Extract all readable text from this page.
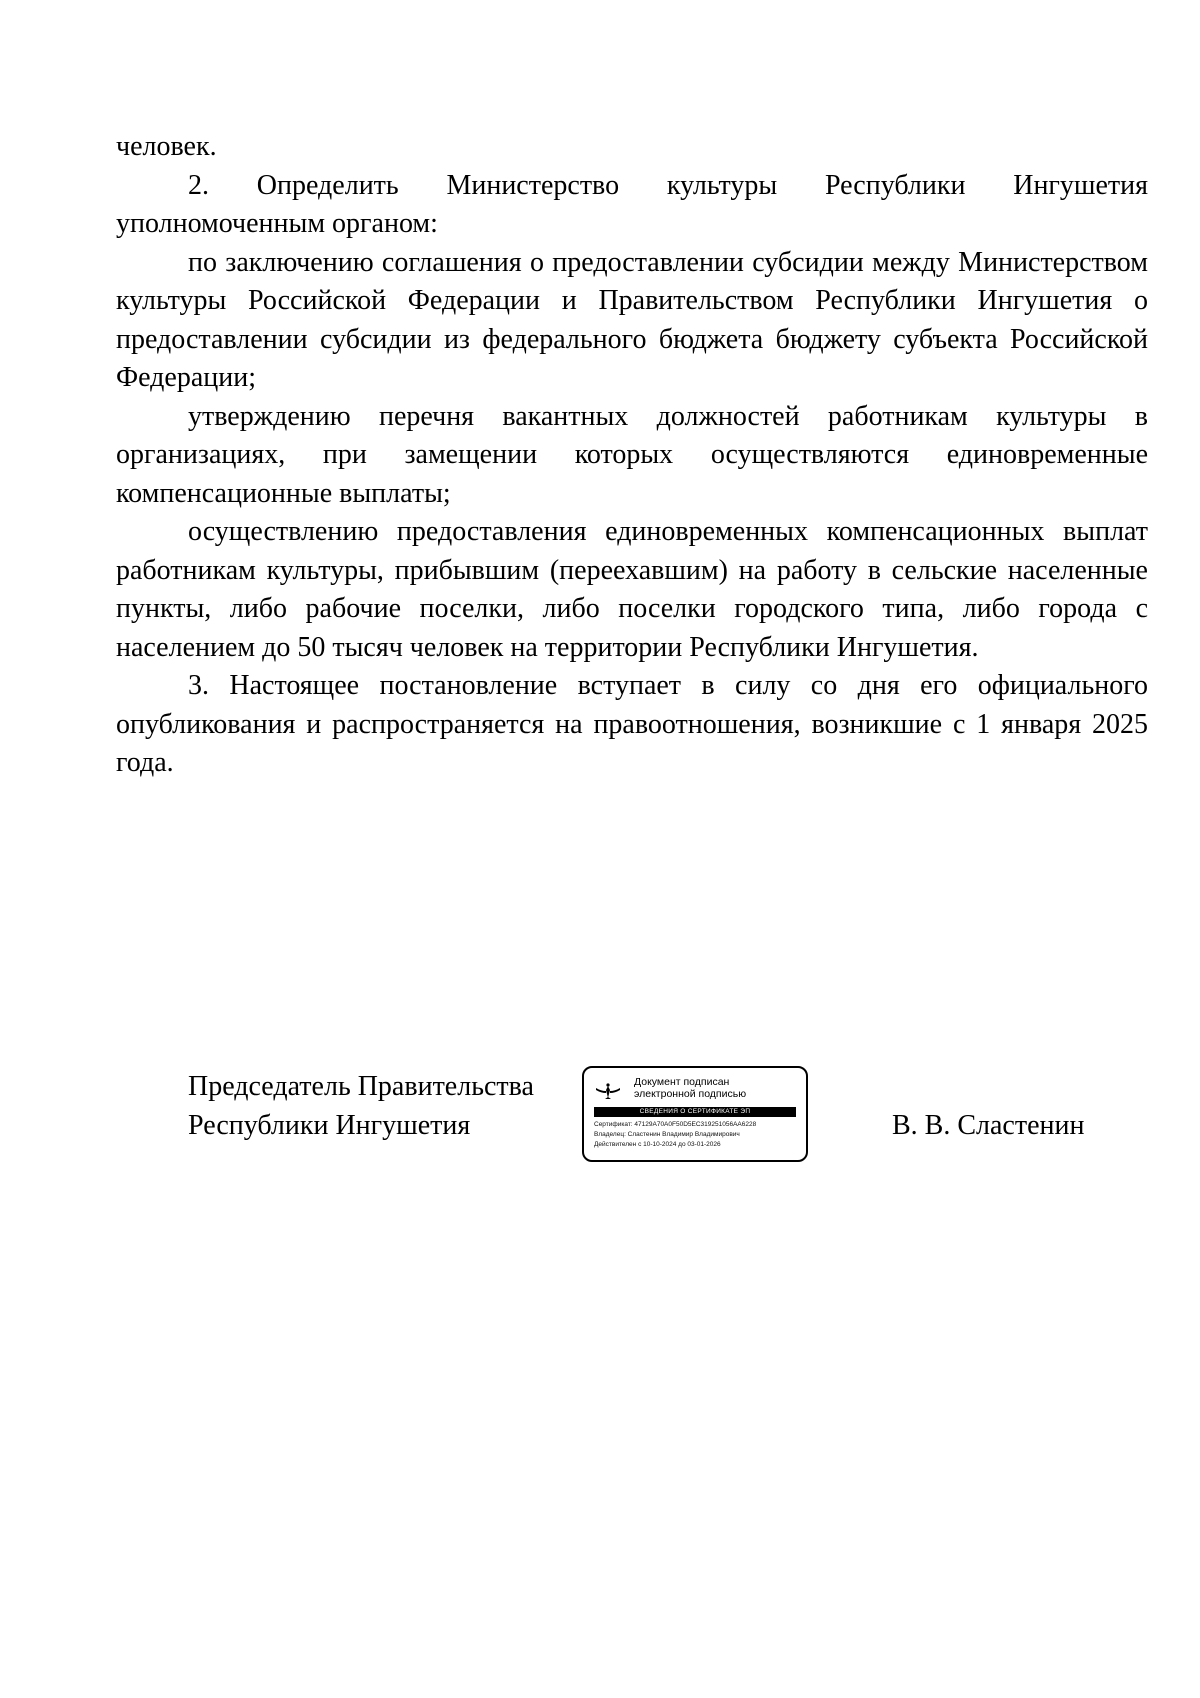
человек.

2. Определить Министерство культуры Республики Ингушетия уполномоченным органом:

по заключению соглашения о предоставлении субсидии между Министерством культуры Российской Федерации и Правительством Республики Ингушетия о предоставлении субсидии из федерального бюджета бюджету субъекта Российской Федерации;

утверждению перечня вакантных должностей работникам культуры в организациях, при замещении которых осуществляются единовременные компенсационные выплаты;

осуществлению предоставления единовременных компенсационных выплат работникам культуры, прибывшим (переехавшим) на работу в сельские населенные пункты, либо рабочие поселки, либо поселки городского типа, либо города с населением до 50 тысяч человек на территории Республики Ингушетия.

3. Настоящее постановление вступает в силу со дня его официального опубликования и распространяется на правоотношения, возникшие с 1 января 2025 года.

Председатель Правительства
Республики Ингушетия
Документ подписан
электронной подписью
СВЕДЕНИЯ О СЕРТИФИКАТЕ ЭП
Сертификат: 47129A70A0F50D5EC319251056AA6228
Владелец: Сластенин Владимир Владимирович
Действителен с 10-10-2024 до 03-01-2026
В. В. Сластенин
